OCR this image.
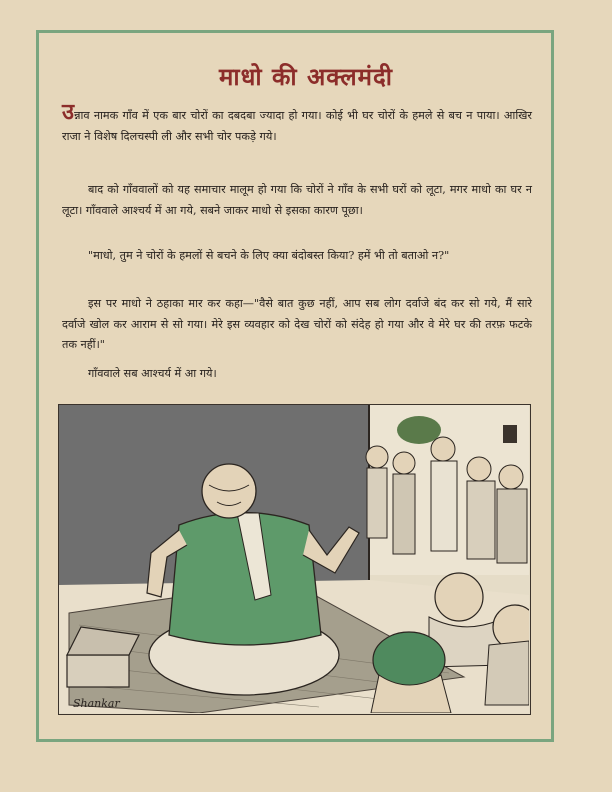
माधो की अक्लमंदी
उन्नाव नामक गाँव में एक बार चोरों का दबदबा ज्यादा हो गया। कोई भी घर चोरों के हमले से बच न पाया। आखिर राजा ने विशेष दिलचस्पी ली और सभी चोर पकड़े गये।
बाद को गाँववालों को यह समाचार मालूम हो गया कि चोरों ने गाँव के सभी घरों को लूटा, मगर माधो का घर न लूटा। गाँववाले आश्चर्य में आ गये, सबने जाकर माधो से इसका कारण पूछा।
"माधो, तुम ने चोरों के हमलों से बचने के लिए क्या बंदोबस्त किया? हमें भी तो बताओ न?"
इस पर माधो ने ठहाका मार कर कहा—"वैसे बात कुछ नहीं, आप सब लोग दर्वाजे बंद कर सो गये, मैं सारे दर्वाजे खोल कर आराम से सो गया। मेरे इस व्यवहार को देख चोरों को संदेह हो गया और वे मेरे घर की तरफ़ फटके तक नहीं।"
गाँववाले सब आश्चर्य में आ गये।
Shankar
